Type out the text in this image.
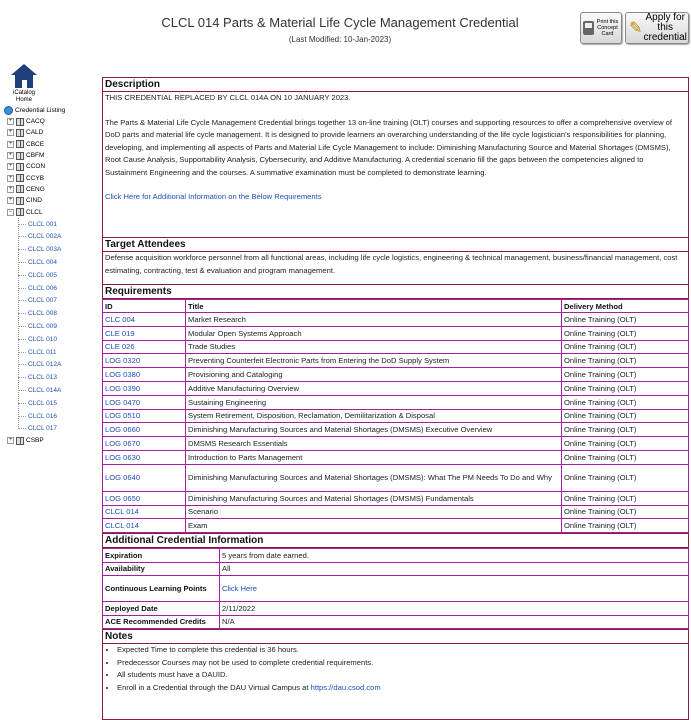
CLCL 014 Parts & Material Life Cycle Management Credential
(Last Modified: 10-Jan-2023)
Print this Concept Card ✎
Apply for this credential
iCatalog Home
Credential Listing
+ CACQ
+ CALD
+ CBCE
+ CBFM
+ CCON
+ CCYB
+ CENG
+ CIND
− CLCL
CLCL 001
CLCL 002A
CLCL 003A
CLCL 004
CLCL 005
CLCL 006
CLCL 007
CLCL 008
CLCL 009
CLCL 010
CLCL 011
CLCL 012A
CLCL 013
CLCL 014A
CLCL 015
CLCL 016
CLCL 017
+ CSBP
Description

THIS CREDENTIAL REPLACED BY CLCL 014A ON 10 JANUARY 2023.

The Parts & Material Life Cycle Management Credential brings together 13 on-line training (OLT) courses and supporting resources to offer a comprehensive overview of DoD parts and material life cycle management. It is designed to provide learners an overarching understanding of the life cycle logistician's responsibilities for planning, developing, and implementing all aspects of Parts and Material Life Cycle Management to include: Diminishing Manufacturing Source and Material Shortages (DMSMS), Root Cause Analysis, Supportability Analysis, Cybersecurity, and Additive Manufacturing. A credential scenario fill the gaps between the competencies aligned to Sustainment Engineering and the courses. A summative examination must be completed to demonstrate learning.

Click Here for Additional Information on the Below Requirements

Target Attendees
Defense acquisition workforce personnel from all functional areas, including life cycle logistics, engineering & technical management, business/financial management, cost estimating, contracting, test & evaluation and program management.
Requirements
ID	Title	Delivery Method
CLC 004	Market Research	Online Training (OLT)
CLE 019	Modular Open Systems Approach	Online Training (OLT)
CLE 026	Trade Studies	Online Training (OLT)
LOG 0320	Preventing Counterfeit Electronic Parts from Entering the DoD Supply System	Online Training (OLT)
LOG 0380	Provisioning and Cataloging	Online Training (OLT)
LOG 0390	Additive Manufacturing Overview	Online Training (OLT)
LOG 0470	Sustaining Engineering	Online Training (OLT)
LOG 0510	System Retirement, Disposition, Reclamation, Demilitarization & Disposal	Online Training (OLT)
LOG 0660	Diminishing Manufacturing Sources and Material Shortages (DMSMS) Executive Overview	Online Training (OLT)
LOG 0670	DMSMS Research Essentials	Online Training (OLT)
LOG 0630	Introduction to Parts Management	Online Training (OLT)
LOG 0640	Diminishing Manufacturing Sources and Material Shortages (DMSMS): What The PM Needs To Do and Why	Online Training (OLT)
LOG 0650	Diminishing Manufacturing Sources and Material Shortages (DMSMS) Fundamentals	Online Training (OLT)
CLCL 014	Scenario	Online Training (OLT)
CLCL 014	Exam	Online Training (OLT)
Additional Credential Information
Expiration	5 years from date earned.
Availability	All
Continuous Learning Points	Click Here
Deployed Date	2/11/2022
ACE Recommended Credits	N/A
Notes
• Expected Time to complete this credential is 36 hours.
• Predecessor Courses may not be used to complete credential requirements.
• All students must have a DAUID.
• Enroll in a Credential through the DAU Virtual Campus at https://dau.csod.com
